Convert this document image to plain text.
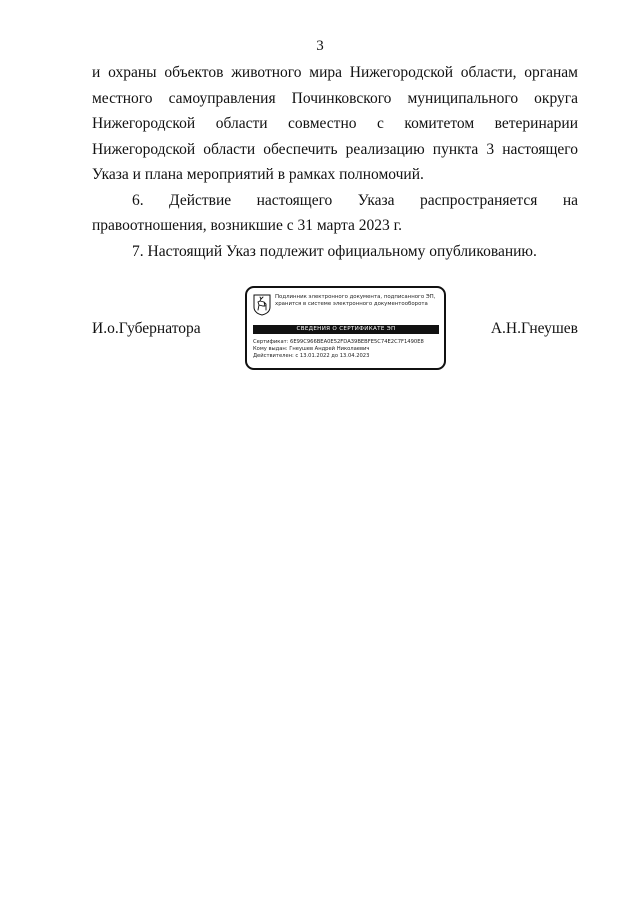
3

и охраны объектов животного мира Нижегородской области, органам местного самоуправления Починковского муниципального округа Нижегородской области совместно с комитетом ветеринарии Нижегородской области обеспечить реализацию пункта 3 настоящего Указа и плана мероприятий в рамках полномочий.

6. Действие настоящего Указа распространяется на правоотношения, возникшие с 31 марта 2023 г.

7. Настоящий Указ подлежит официальному опубликованию.

И.о.Губернатора
Подлинник электронного документа, подписанного ЭП,
хранится в системе электронного документооборота
СВЕДЕНИЯ О СЕРТИФИКАТЕ ЭП
Сертификат: 6E99C966BEA0E52FDA39BEBFE5C74E2C7F1490E8
Кому выдан: Гнеушев Андрей Николаевич
Действителен: с 13.01.2022 до 13.04.2023
А.Н.Гнеушев
